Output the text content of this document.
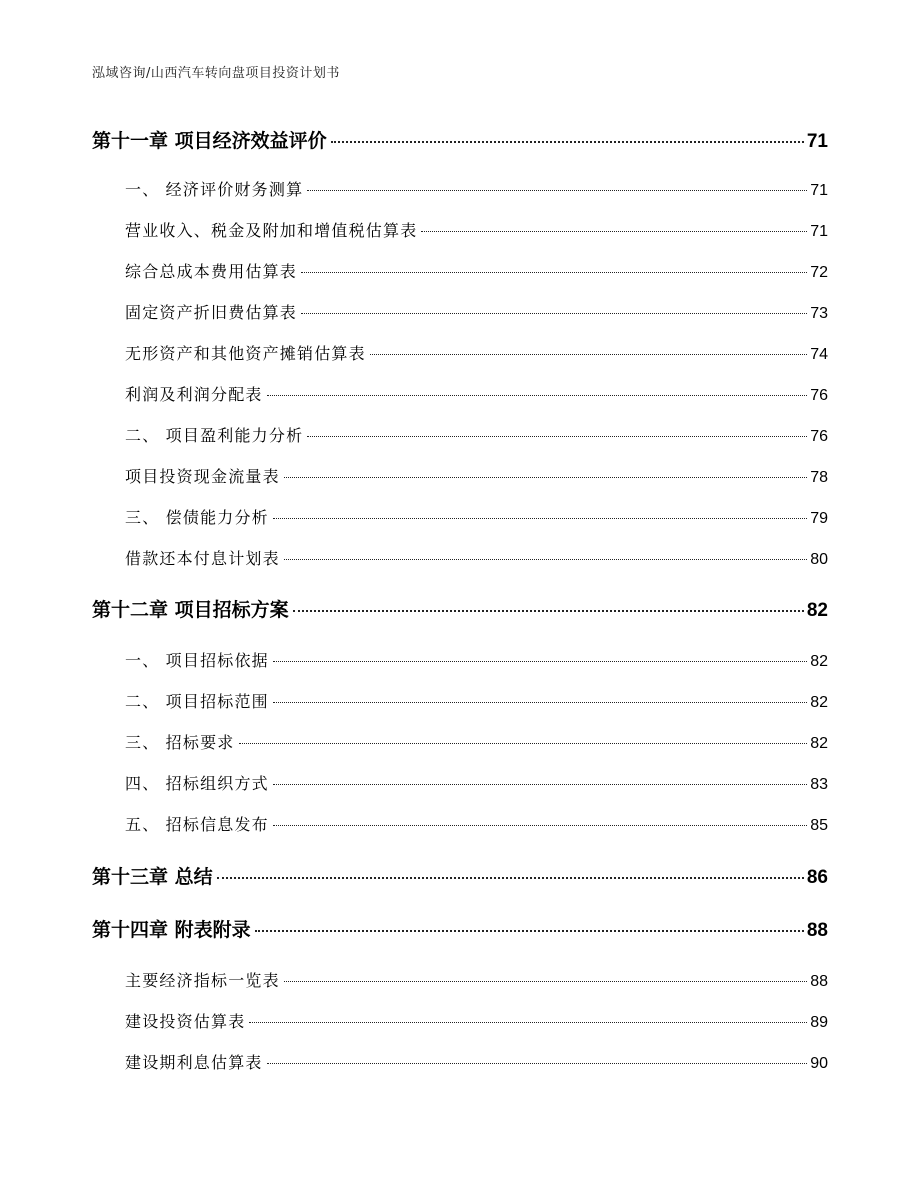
泓域咨询/山西汽车转向盘项目投资计划书
第十一章 项目经济效益评价	71
一、 经济评价财务测算	71
营业收入、税金及附加和增值税估算表	71
综合总成本费用估算表	72
固定资产折旧费估算表	73
无形资产和其他资产摊销估算表	74
利润及利润分配表	76
二、 项目盈利能力分析	76
项目投资现金流量表	78
三、 偿债能力分析	79
借款还本付息计划表	80
第十二章 项目招标方案	82
一、 项目招标依据	82
二、 项目招标范围	82
三、 招标要求	82
四、 招标组织方式	83
五、 招标信息发布	85
第十三章 总结	86
第十四章 附表附录	88
主要经济指标一览表	88
建设投资估算表	89
建设期利息估算表	90
